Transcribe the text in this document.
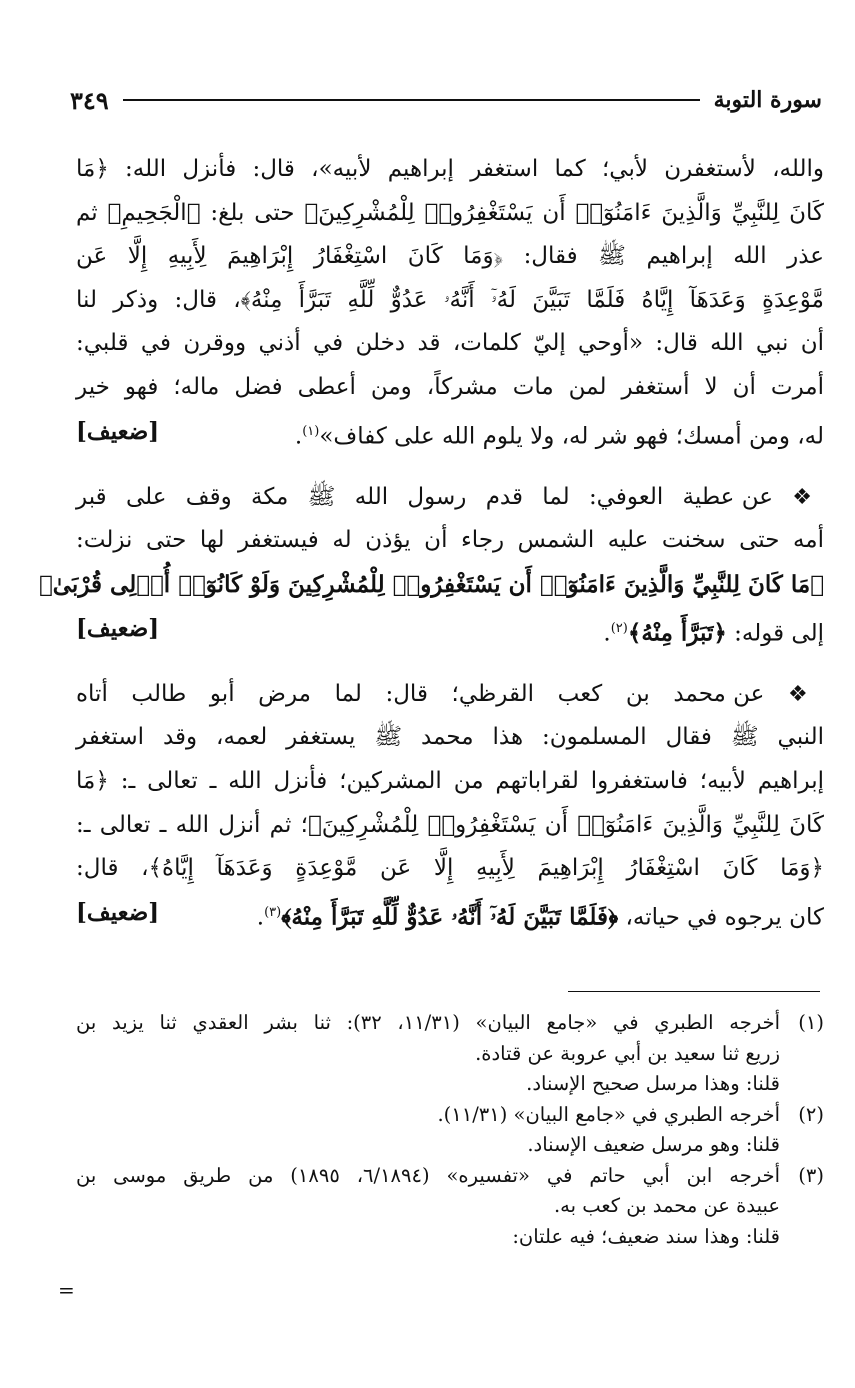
سورة التوبة
٣٤٩

والله، لأستغفرن لأبي؛ كما استغفر إبراهيم لأبيه»، قال: فأنزل الله: ﴿مَا
كَانَ لِلنَّبِيِّ وَالَّذِينَ ءَامَنُوٓا۟ أَن يَسْتَغْفِرُوا۟ لِلْمُشْرِكِينَ﴾ حتى بلغ: ﴿الْجَحِيمِ﴾ ثم
عذر الله إبراهيم ﷺ فقال: ﴿وَمَا كَانَ اسْتِغْفَارُ إِبْرَاهِيمَ لِأَبِيهِ إِلَّا عَن
مَّوْعِدَةٍ وَعَدَهَآ إِيَّاهُ فَلَمَّا تَبَيَّنَ لَهُۥٓ أَنَّهُۥ عَدُوٌّ لِّلَّهِ تَبَرَّأَ مِنْهُ﴾، قال: وذكر لنا
أن نبي الله قال: «أوحي إليّ كلمات، قد دخلن في أذني ووقرن في قلبي:
أمرت أن لا أستغفر لمن مات مشركاً، ومن أعطى فضل ماله؛ فهو خير
له، ومن أمسك؛ فهو شر له، ولا يلوم الله على كفاف»$^{(١)}$.
[ضعيف]

❖ عن عطية العوفي: لما قدم رسول الله ﷺ مكة وقف على قبر
أمه حتى سخنت عليه الشمس رجاء أن يؤذن له فيستغفر لها حتى نزلت:
﴿مَا كَانَ لِلنَّبِيِّ وَالَّذِينَ ءَامَنُوٓا۟ أَن يَسْتَغْفِرُوا۟ لِلْمُشْرِكِينَ وَلَوْ كَانُوٓا۟ أُو۟لِى قُرْبَىٰ﴾
إلى قوله: ﴿تَبَرَّأَ مِنْهُ﴾$^{(٢)}$.
[ضعيف]

❖ عن محمد بن كعب القرظي؛ قال: لما مرض أبو طالب أتاه
النبي ﷺ فقال المسلمون: هذا محمد ﷺ يستغفر لعمه، وقد استغفر
إبراهيم لأبيه؛ فاستغفروا لقراباتهم من المشركين؛ فأنزل الله ـ تعالى ـ: ﴿مَا
كَانَ لِلنَّبِيِّ وَالَّذِينَ ءَامَنُوٓا۟ أَن يَسْتَغْفِرُوا۟ لِلْمُشْرِكِينَ﴾؛ ثم أنزل الله ـ تعالى ـ:
﴿وَمَا كَانَ اسْتِغْفَارُ إِبْرَاهِيمَ لِأَبِيهِ إِلَّا عَن مَّوْعِدَةٍ وَعَدَهَآ إِيَّاهُ﴾، قال:
كان يرجوه في حياته، ﴿فَلَمَّا تَبَيَّنَ لَهُۥٓ أَنَّهُۥ عَدُوٌّ لِّلَّهِ تَبَرَّأَ مِنْهُ﴾$^{(٣)}$.
[ضعيف]

(١)
أخرجه الطبري في «جامع البيان» (١١/٣١، ٣٢): ثنا بشر العقدي ثنا يزيد بن
زريع ثنا سعيد بن أبي عروبة عن قتادة.
قلنا: وهذا مرسل صحيح الإسناد.
(٢)
أخرجه الطبري في «جامع البيان» (١١/٣١).
قلنا: وهو مرسل ضعيف الإسناد.
(٣)
أخرجه ابن أبي حاتم في «تفسيره» (٦/١٨٩٤، ١٨٩٥) من طريق موسى بن
عبيدة عن محمد بن كعب به.
قلنا: وهذا سند ضعيف؛ فيه علتان:
=
